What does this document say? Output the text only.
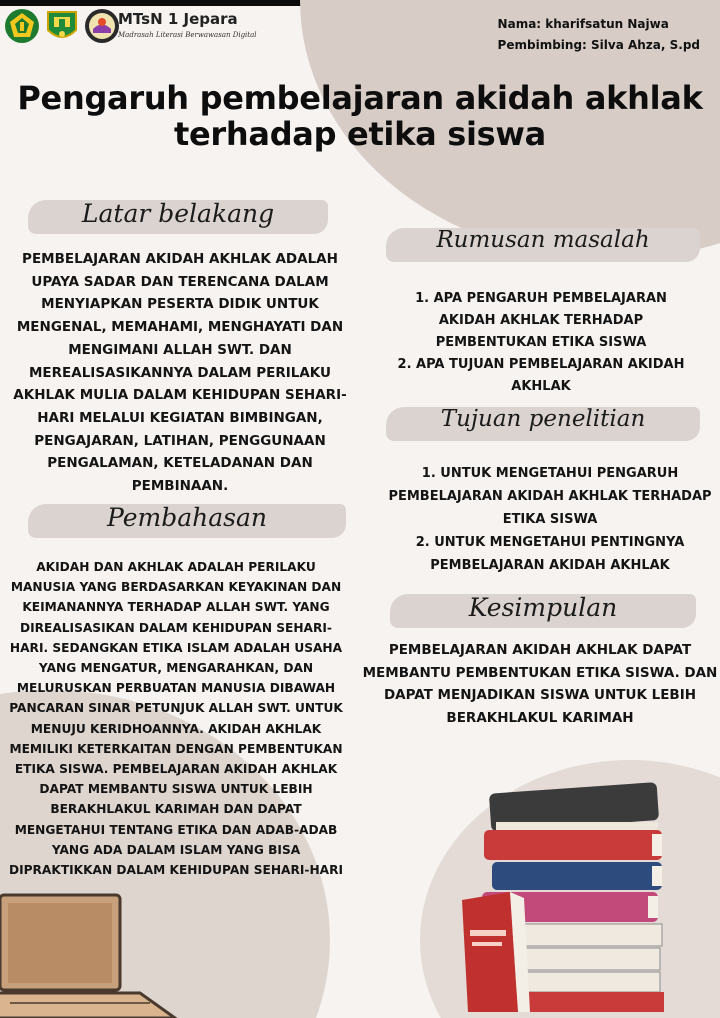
MTsN 1 Jepara
Madrasah Literasi Berwawasan Digital
Nama: kharifsatun Najwa
Pembimbing: Silva Ahza, S.pd
Pengaruh pembelajaran akidah akhlak
terhadap etika siswa
Latar belakang
PEMBELAJARAN AKIDAH AKHLAK ADALAH UPAYA SADAR DAN TERENCANA DALAM MENYIAPKAN PESERTA DIDIK UNTUK MENGENAL, MEMAHAMI, MENGHAYATI DAN MENGIMANI ALLAH SWT. DAN MEREALISASIKANNYA DALAM PERILAKU AKHLAK MULIA DALAM KEHIDUPAN SEHARI-HARI MELALUI KEGIATAN BIMBINGAN, PENGAJARAN, LATIHAN, PENGGUNAAN PENGALAMAN, KETELADANAN DAN PEMBINAAN.
Rumusan masalah
1. APA PENGARUH PEMBELAJARAN AKIDAH AKHLAK TERHADAP PEMBENTUKAN ETIKA SISWA
2. APA TUJUAN PEMBELAJARAN AKIDAH AKHLAK
Tujuan penelitian
1. UNTUK MENGETAHUI PENGARUH PEMBELAJARAN AKIDAH AKHLAK TERHADAP ETIKA SISWA
2. UNTUK MENGETAHUI PENTINGNYA PEMBELAJARAN AKIDAH AKHLAK
Pembahasan
AKIDAH DAN AKHLAK ADALAH PERILAKU MANUSIA YANG BERDASARKAN KEYAKINAN DAN KEIMANANNYA TERHADAP ALLAH SWT. YANG DIREALISASIKAN DALAM KEHIDUPAN SEHARI-HARI. SEDANGKAN ETIKA ISLAM ADALAH USAHA YANG MENGATUR, MENGARAHKAN, DAN MELURUSKAN PERBUATAN MANUSIA DIBAWAH PANCARAN SINAR PETUNJUK ALLAH SWT. UNTUK MENUJU KERIDHOANNYA. AKIDAH AKHLAK MEMILIKI KETERKAITAN DENGAN PEMBENTUKAN ETIKA SISWA. PEMBELAJARAN AKIDAH AKHLAK DAPAT MEMBANTU SISWA UNTUK LEBIH BERAKHLAKUL KARIMAH DAN DAPAT MENGETAHUI TENTANG ETIKA DAN ADAB-ADAB YANG ADA DALAM ISLAM YANG BISA DIPRAKTIKKAN DALAM KEHIDUPAN SEHARI-HARI
Kesimpulan
PEMBELAJARAN AKIDAH AKHLAK DAPAT MEMBANTU PEMBENTUKAN ETIKA SISWA. DAN DAPAT MENJADIKAN SISWA UNTUK LEBIH BERAKHLAKUL KARIMAH
